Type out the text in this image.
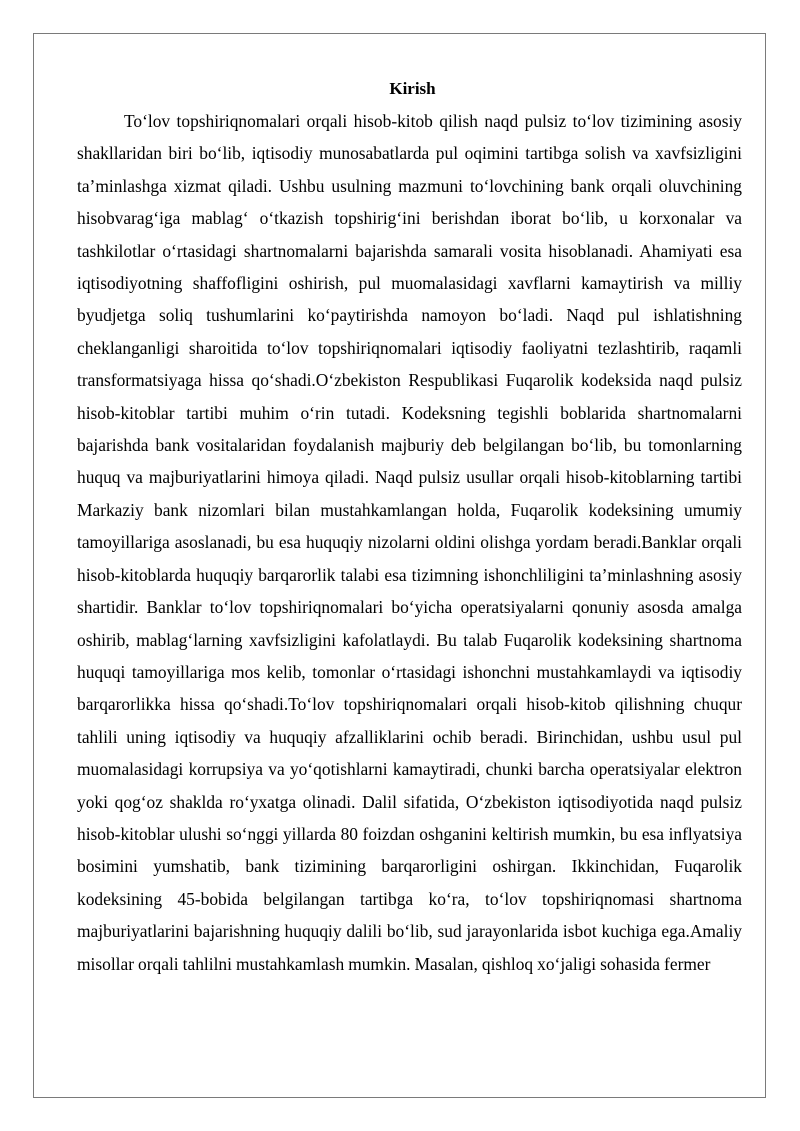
Kirish

To‘lov topshiriqnomalari orqali hisob-kitob qilish naqd pulsiz to‘lov tizimining asosiy shakllaridan biri bo‘lib, iqtisodiy munosabatlarda pul oqimini tartibga solish va xavfsizligini ta’minlashga xizmat qiladi. Ushbu usulning mazmuni to‘lovchining bank orqali oluvchining hisobvarag‘iga mablag‘ o‘tkazish topshirig‘ini berishdan iborat bo‘lib, u korxonalar va tashkilotlar o‘rtasidagi shartnomalarni bajarishda samarali vosita hisoblanadi. Ahamiyati esa iqtisodiyotning shaffofligini oshirish, pul muomalasidagi xavflarni kamaytirish va milliy byudjetga soliq tushumlarini ko‘paytirishda namoyon bo‘ladi. Naqd pul ishlatishning cheklanganligi sharoitida to‘lov topshiriqnomalari iqtisodiy faoliyatni tezlashtirib, raqamli transformatsiyaga hissa qo‘shadi.O‘zbekiston Respublikasi Fuqarolik kodeksida naqd pulsiz hisob-kitoblar tartibi muhim o‘rin tutadi. Kodeksning tegishli boblarida shartnomalarni bajarishda bank vositalaridan foydalanish majburiy deb belgilangan bo‘lib, bu tomonlarning huquq va majburiyatlarini himoya qiladi. Naqd pulsiz usullar orqali hisob-kitoblarning tartibi Markaziy bank nizomlari bilan mustahkamlangan holda, Fuqarolik kodeksining umumiy tamoyillariga asoslanadi, bu esa huquqiy nizolarni oldini olishga yordam beradi.Banklar orqali hisob-kitoblarda huquqiy barqarorlik talabi esa tizimning ishonchliligini ta’minlashning asosiy shartidir. Banklar to‘lov topshiriqnomalari bo‘yicha operatsiyalarni qonuniy asosda amalga oshirib, mablag‘larning xavfsizligini kafolatlaydi. Bu talab Fuqarolik kodeksining shartnoma huquqi tamoyillariga mos kelib, tomonlar o‘rtasidagi ishonchni mustahkamlaydi va iqtisodiy barqarorlikka hissa qo‘shadi.To‘lov topshiriqnomalari orqali hisob-kitob qilishning chuqur tahlili uning iqtisodiy va huquqiy afzalliklarini ochib beradi. Birinchidan, ushbu usul pul muomalasidagi korrupsiya va yo‘qotishlarni kamaytiradi, chunki barcha operatsiyalar elektron yoki qog‘oz shaklda ro‘yxatga olinadi. Dalil sifatida, O‘zbekiston iqtisodiyotida naqd pulsiz hisob-kitoblar ulushi so‘nggi yillarda 80 foizdan oshganini keltirish mumkin, bu esa inflyatsiya bosimini yumshatib, bank tizimining barqarorligini oshirgan. Ikkinchidan, Fuqarolik kodeksining 45-bobida belgilangan tartibga ko‘ra, to‘lov topshiriqnomasi shartnoma majburiyatlarini bajarishning huquqiy dalili bo‘lib, sud jarayonlarida isbot kuchiga ega.Amaliy misollar orqali tahlilni mustahkamlash mumkin. Masalan, qishloq xo‘jaligi sohasida fermer
